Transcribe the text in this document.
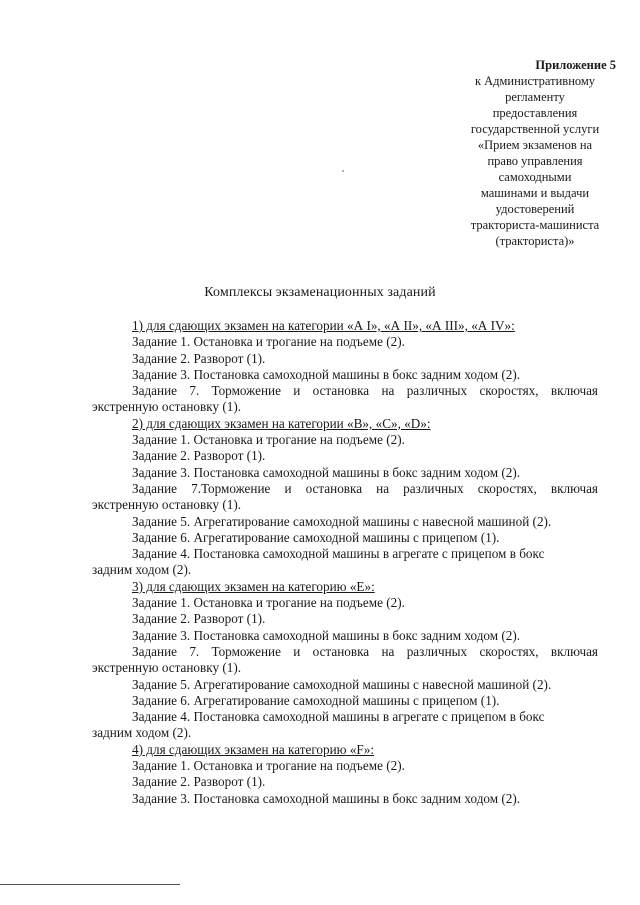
Приложение 5
к Административному
регламенту
предоставления
государственной услуги
«Прием экзаменов на
право управления
самоходными
машинами и выдачи
удостоверений
тракториста-машиниста
(тракториста)»
Комплексы экзаменационных заданий
1) для сдающих экзамен на категории «А I», «А II», «А III», «А IV»:
Задание 1. Остановка и трогание на подъеме (2).
Задание 2. Разворот (1).
Задание 3. Постановка самоходной машины в бокс задним ходом (2).
Задание 7. Торможение и остановка на различных скоростях, включая
экстренную остановку (1).
2) для сдающих экзамен на категории «В», «С», «D»:
Задание 1. Остановка и трогание на подъеме (2).
Задание 2. Разворот (1).
Задание 3. Постановка самоходной машины в бокс задним ходом (2).
Задание 7.Торможение и остановка на различных скоростях, включая
экстренную остановку (1).
Задание 5. Агрегатирование самоходной машины с навесной машиной (2).
Задание 6. Агрегатирование самоходной машины с прицепом (1).
Задание 4. Постановка самоходной машины в агрегате с прицепом в бокс
задним ходом (2).
3) для сдающих экзамен на категорию «Е»:
Задание 1. Остановка и трогание на подъеме (2).
Задание 2. Разворот (1).
Задание 3. Постановка самоходной машины в бокс задним ходом (2).
Задание 7. Торможение и остановка на различных скоростях, включая
экстренную остановку (1).
Задание 5. Агрегатирование самоходной машины с навесной машиной (2).
Задание 6. Агрегатирование самоходной машины с прицепом (1).
Задание 4. Постановка самоходной машины в агрегате с прицепом в бокс
задним ходом (2).
4) для сдающих экзамен на категорию «F»:
Задание 1. Остановка и трогание на подъеме (2).
Задание 2. Разворот (1).
Задание 3. Постановка самоходной машины в бокс задним ходом (2).
